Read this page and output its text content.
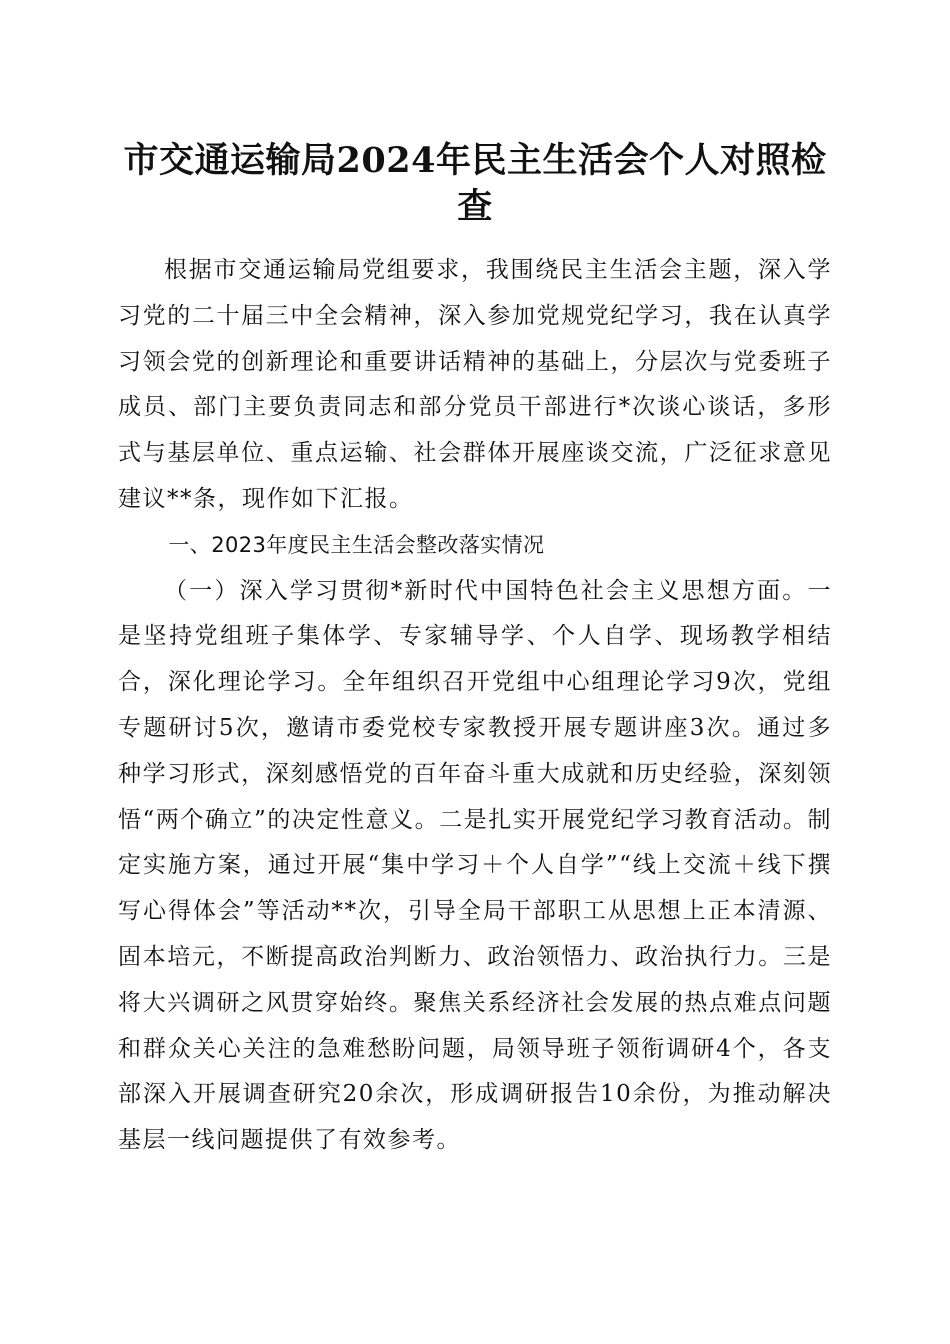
市交通运输局2024年民主生活会个人对照检查

根据市交通运输局党组要求，我围绕民主生活会主题，深入学习党的二十届三中全会精神，深入参加党规党纪学习，我在认真学习领会党的创新理论和重要讲话精神的基础上，分层次与党委班子成员、部门主要负责同志和部分党员干部进行*次谈心谈话，多形式与基层单位、重点运输、社会群体开展座谈交流，广泛征求意见建议**条，现作如下汇报。

一、2023年度民主生活会整改落实情况

（一）深入学习贯彻*新时代中国特色社会主义思想方面。一是坚持党组班子集体学、专家辅导学、个人自学、现场教学相结合，深化理论学习。全年组织召开党组中心组理论学习9次，党组专题研讨5次，邀请市委党校专家教授开展专题讲座3次。通过多种学习形式，深刻感悟党的百年奋斗重大成就和历史经验，深刻领悟“两个确立”的决定性意义。二是扎实开展党纪学习教育活动。制定实施方案，通过开展“集中学习＋个人自学”“线上交流＋线下撰写心得体会”等活动**次，引导全局干部职工从思想上正本清源、固本培元，不断提高政治判断力、政治领悟力、政治执行力。三是将大兴调研之风贯穿始终。聚焦关系经济社会发展的热点难点问题和群众关心关注的急难愁盼问题，局领导班子领衔调研4个，各支部深入开展调查研究20余次，形成调研报告10余份，为推动解决基层一线问题提供了有效参考。
